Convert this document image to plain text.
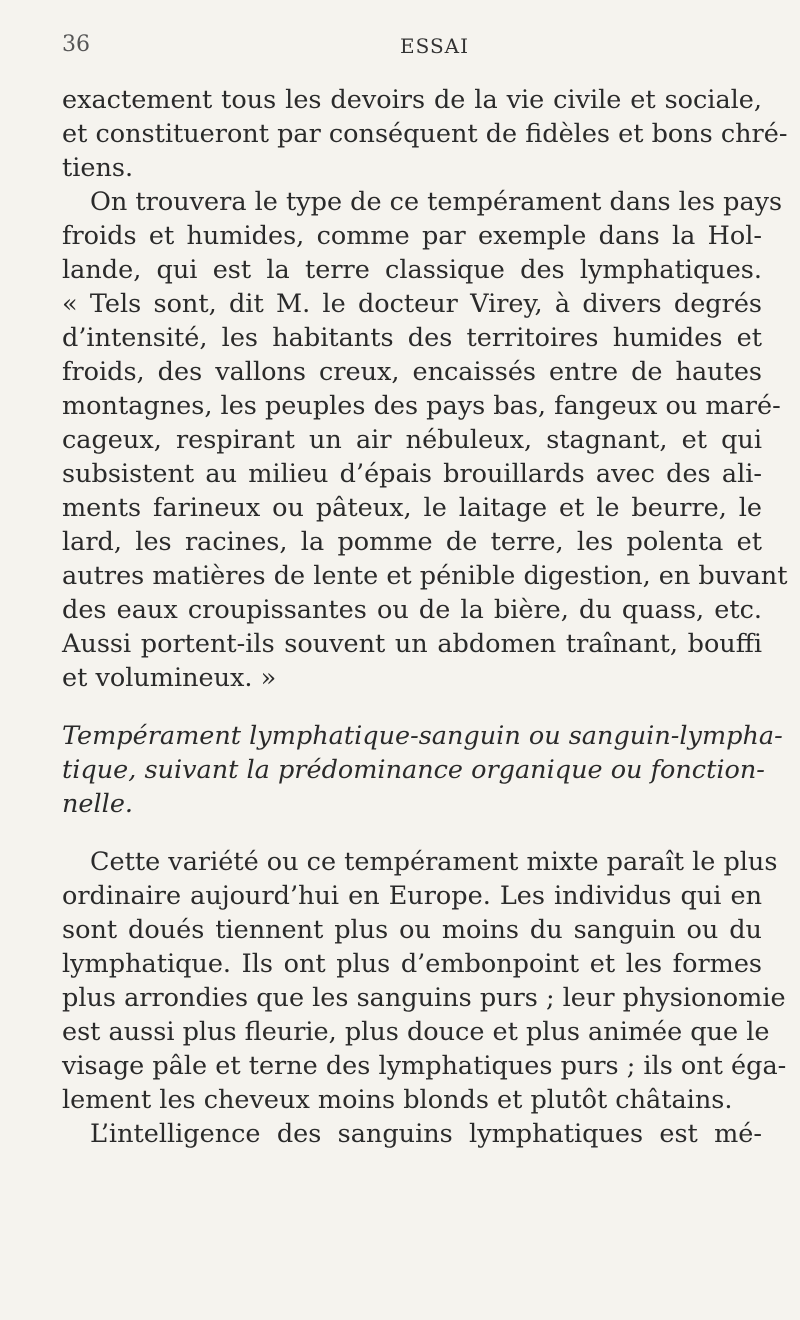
36	ESSAI
exactement tous les devoirs de la vie civile et sociale,
et constitueront par conséquent de fidèles et bons chré-
tiens.
On trouvera le type de ce tempérament dans les pays
froids et humides, comme par exemple dans la Hol-
lande, qui est la terre classique des lymphatiques.
« Tels sont, dit M. le docteur Virey, à divers degrés
d’intensité, les habitants des territoires humides et
froids, des vallons creux, encaissés entre de hautes
montagnes, les peuples des pays bas, fangeux ou maré-
cageux, respirant un air nébuleux, stagnant, et qui
subsistent au milieu d’épais brouillards avec des ali-
ments farineux ou pâteux, le laitage et le beurre, le
lard, les racines, la pomme de terre, les polenta et
autres matières de lente et pénible digestion, en buvant
des eaux croupissantes ou de la bière, du quass, etc.
Aussi portent-ils souvent un abdomen traînant, bouffi
et volumineux. »
Tempérament lymphatique-sanguin ou sanguin-lympha-
tique, suivant la prédominance organique ou fonction-
nelle.
Cette variété ou ce tempérament mixte paraît le plus
ordinaire aujourd’hui en Europe. Les individus qui en
sont doués tiennent plus ou moins du sanguin ou du
lymphatique. Ils ont plus d’embonpoint et les formes
plus arrondies que les sanguins purs ; leur physionomie
est aussi plus fleurie, plus douce et plus animée que le
visage pâle et terne des lymphatiques purs ; ils ont éga-
lement les cheveux moins blonds et plutôt châtains.
L’intelligence des sanguins lymphatiques est mé-
